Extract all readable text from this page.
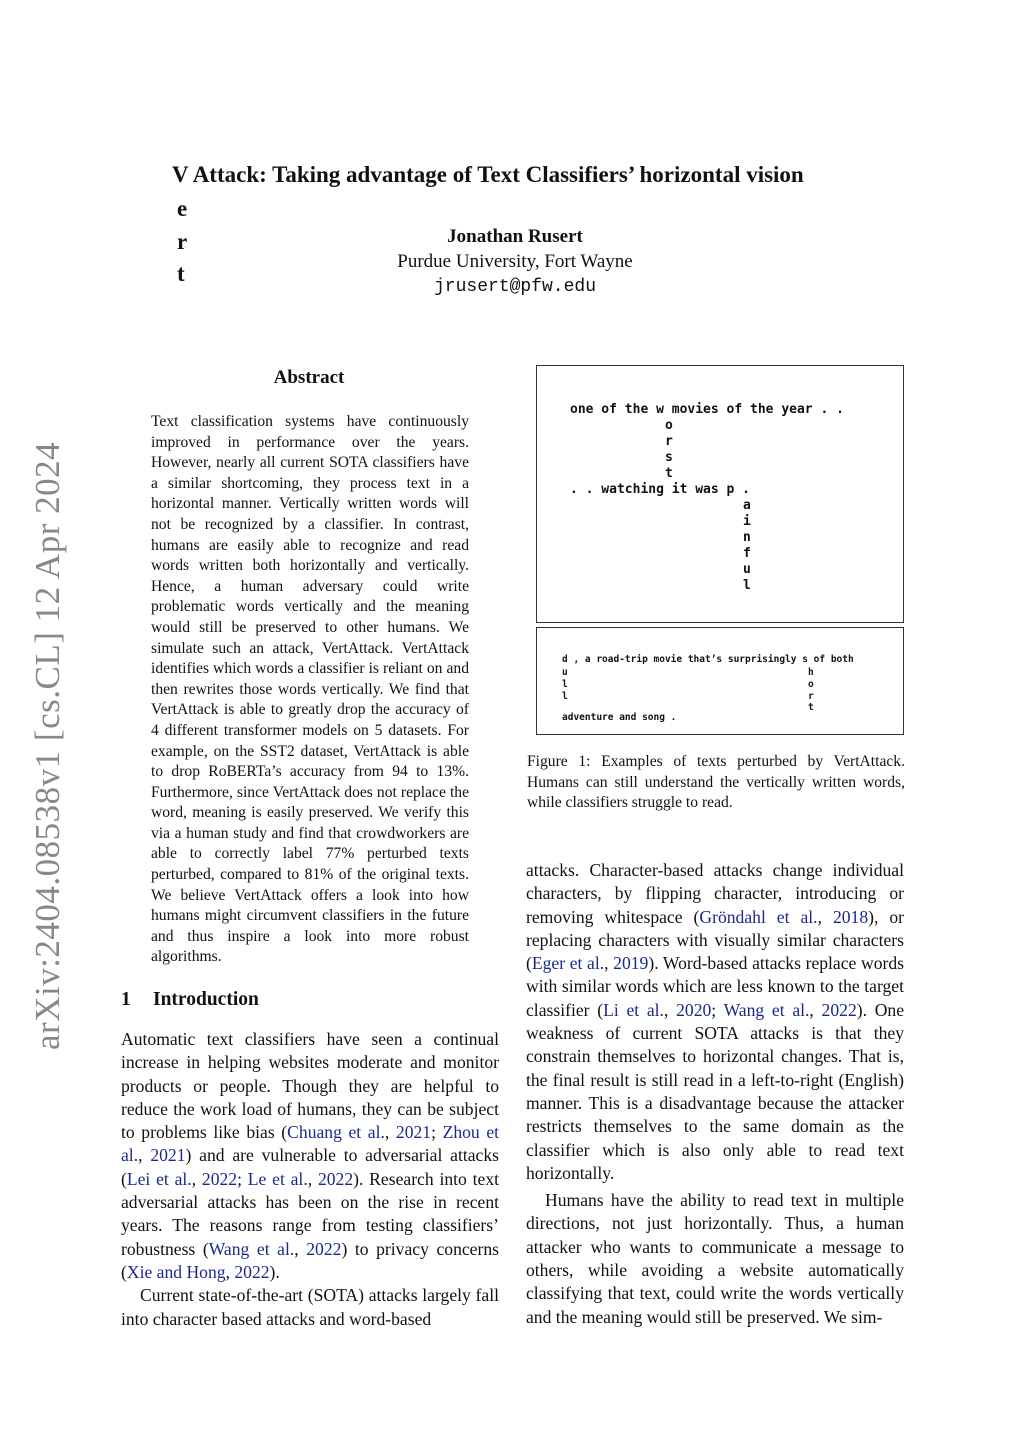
arXiv:2404.08538v1 [cs.CL] 12 Apr 2024
V Attack: Taking advantage of Text Classifiers’ horizontal vision
e
r
t
Jonathan Rusert
Purdue University, Fort Wayne
jrusert@pfw.edu
Abstract
Text classification systems have continuously improved in performance over the years. However, nearly all current SOTA classifiers have a similar shortcoming, they process text in a horizontal manner. Vertically written words will not be recognized by a classifier. In contrast, humans are easily able to recognize and read words written both horizontally and vertically. Hence, a human adversary could write problematic words vertically and the meaning would still be preserved to other humans. We simulate such an attack, VertAttack. VertAttack identifies which words a classifier is reliant on and then rewrites those words vertically. We find that VertAttack is able to greatly drop the accuracy of 4 different transformer models on 5 datasets. For example, on the SST2 dataset, VertAttack is able to drop RoBERTa’s accuracy from 94 to 13%. Furthermore, since VertAttack does not replace the word, meaning is easily preserved. We verify this via a human study and find that crowdworkers are able to correctly label 77% perturbed texts perturbed, compared to 81% of the original texts. We believe VertAttack offers a look into how humans might circumvent classifiers in the future and thus inspire a look into more robust algorithms.
1 Introduction

Automatic text classifiers have seen a continual increase in helping websites moderate and monitor products or people. Though they are helpful to reduce the work load of humans, they can be subject to problems like bias (Chuang et al., 2021; Zhou et al., 2021) and are vulnerable to adversarial attacks (Lei et al., 2022; Le et al., 2022). Research into text adversarial attacks has been on the rise in recent years. The reasons range from testing classifiers’ robustness (Wang et al., 2022) to privacy concerns (Xie and Hong, 2022).

Current state-of-the-art (SOTA) attacks largely fall into character based attacks and word-based

attacks. Character-based attacks change individual characters, by flipping character, introducing or removing whitespace (Gröndahl et al., 2018), or replacing characters with visually similar characters (Eger et al., 2019). Word-based attacks replace words with similar words which are less known to the target classifier (Li et al., 2020; Wang et al., 2022). One weakness of current SOTA attacks is that they constrain themselves to horizontal changes. That is, the final result is still read in a left-to-right (English) manner. This is a disadvantage because the attacker restricts themselves to the same domain as the classifier which is also only able to read text horizontally.

Humans have the ability to read text in multiple directions, not just horizontally. Thus, a human attacker who wants to communicate a message to others, while avoiding a website automatically classifying that text, could write the words vertically and the meaning would still be preserved. We sim-

one of the w movies of the year . .
o
r
s
t
. . watching it was p .
a
i
n
f
u
l
d , a road-trip movie that’s surprisingly s of both
u                                          h
l                                          o
l                                          r
t
adventure and song .
Figure 1: Examples of texts perturbed by VertAttack. Humans can still understand the vertically written words, while classifiers struggle to read.
